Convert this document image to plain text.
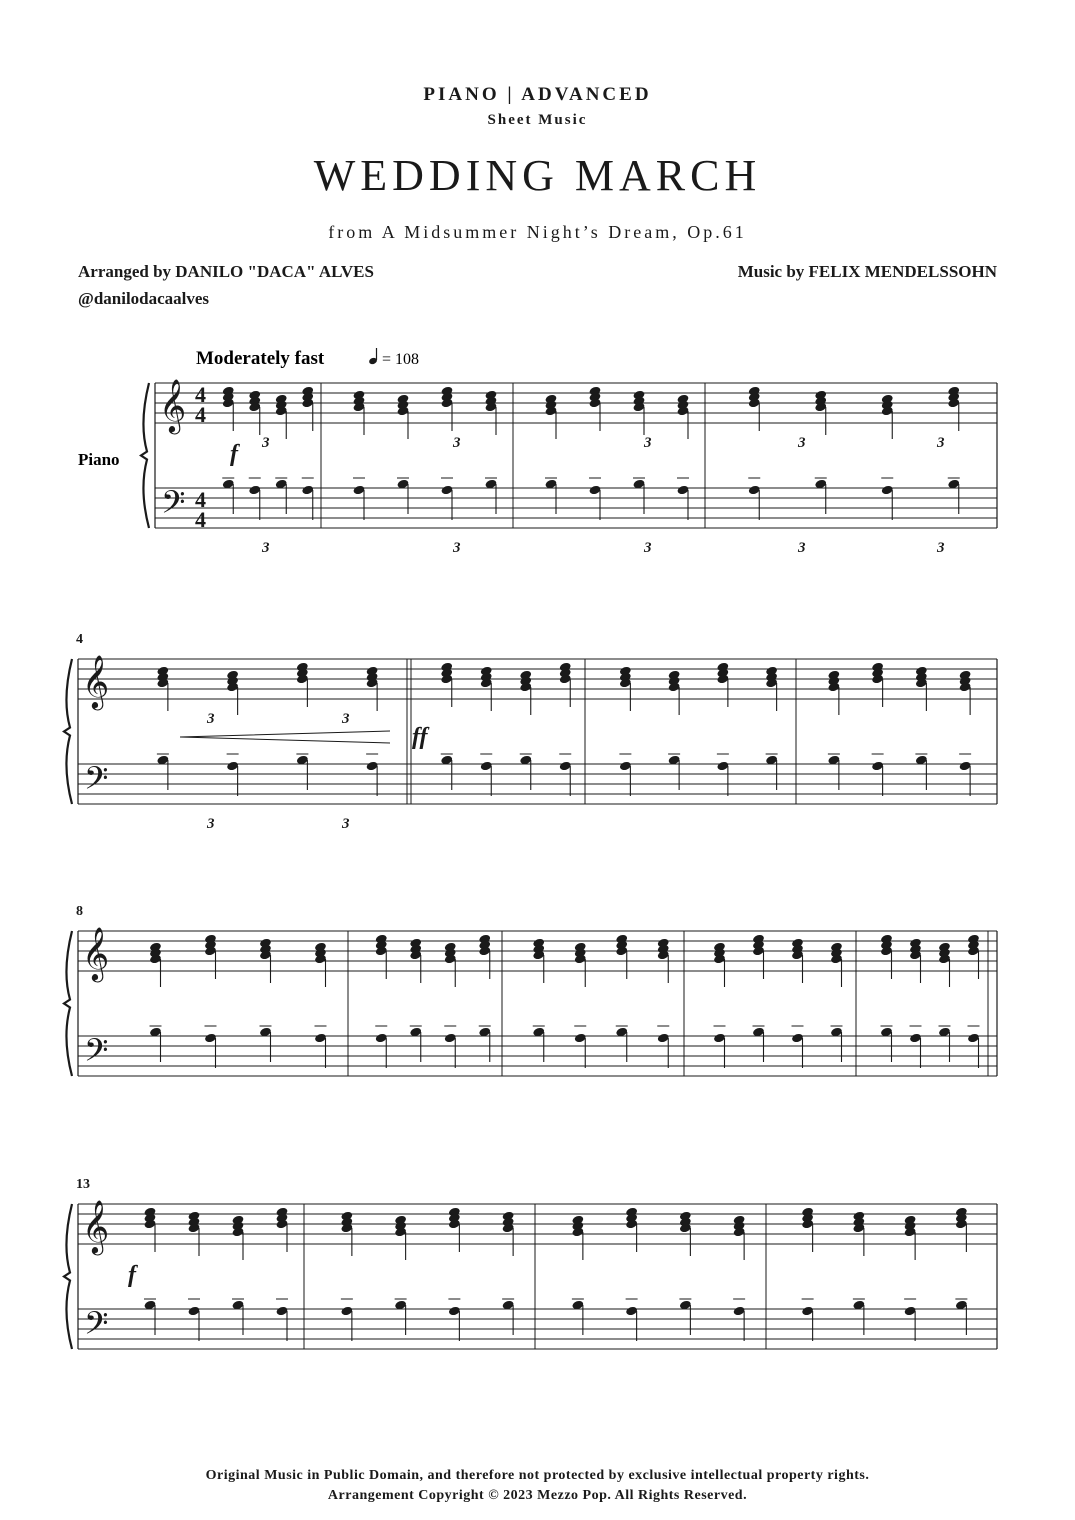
PIANO | ADVANCED
Sheet Music
WEDDING MARCH
from A Midsummer Night’s Dream, Op.61
Arranged by DANILO "DACA" ALVES
@danilodacaalves
Music by FELIX MENDELSSOHN
Moderately fast	= 108
Piano
𝄞
𝄢
4
4
4
4
f 3
3
3
3
3
3
3
3
3
3
𝄞
𝄢
4
ff
3
3
3
3
𝄞
𝄢
8
𝄞
𝄢
13
f
Original Music in Public Domain, and therefore not protected by exclusive intellectual property rights.
Arrangement Copyright © 2023 Mezzo Pop. All Rights Reserved.
